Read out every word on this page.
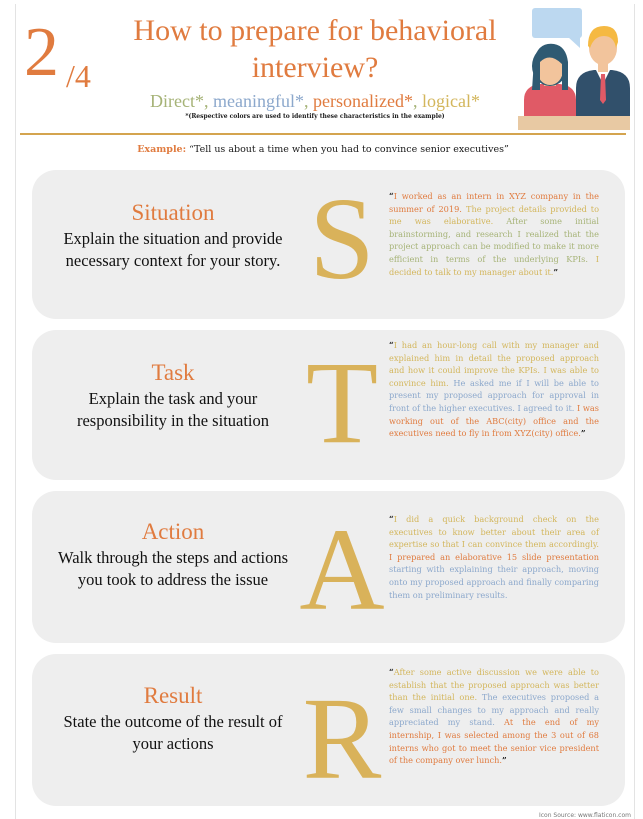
2 /4
How to prepare for behavioral interview?
Direct*, meaningful*, personalized*, logical*
*(Respective colors are used to identify these characteristics in the example)
Example: “Tell us about a time when you had to convince senior executives”
Situation
Explain the situation and provide necessary context for your story. S	“I worked as an intern in XYZ company in the summer of 2019. The project details provided to me was elaborative. After some initial brainstorming, and research I realized that the project approach can be modified to make it more efficient in terms of the underlying KPIs. I decided to talk to my manager about it.”
Task
Explain the task and your responsibility in the situation T	“I had an hour-long call with my manager and explained him in detail the proposed approach and how it could improve the KPIs. I was able to convince him. He asked me if I will be able to present my proposed approach for approval in front of the higher executives. I agreed to it. I was working out of the ABC(city) office and the executives need to fly in from XYZ(city) office.”
Action
Walk through the steps and actions you took to address the issue A “I did a quick background check on the executives to know better about their area of expertise so that I can convince them accordingly. I prepared an elaborative 15 slide presentation starting with explaining their approach, moving onto my proposed approach and finally comparing them on preliminary results.
Result
State the outcome of the result of your actions R
“After some active discussion we were able to establish that the proposed approach was better than the initial one. The executives proposed a few small changes to my approach and really appreciated my stand. At the end of my internship, I was selected among the 3 out of 68 interns who got to meet the senior vice president of the company over lunch.”
Icon Source: www.flaticon.com
